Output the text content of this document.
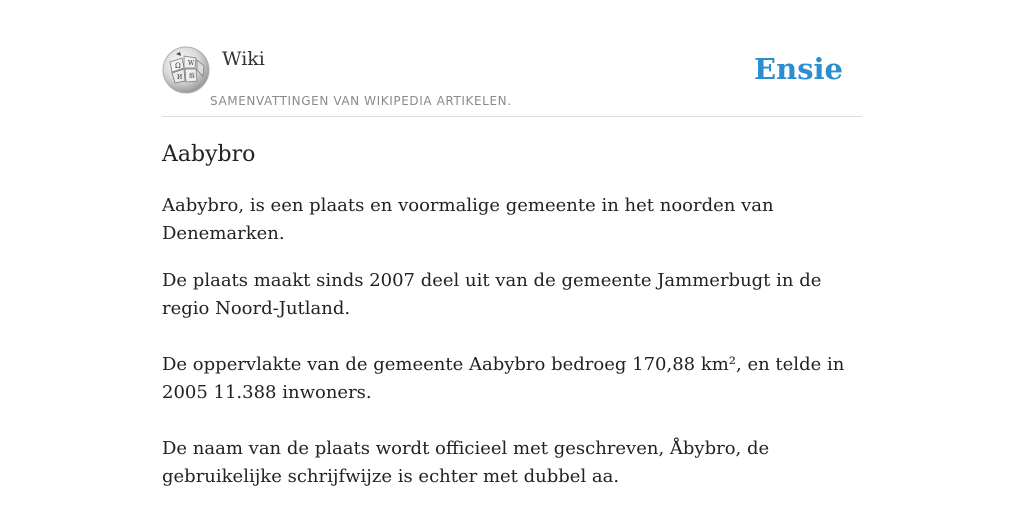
Ω W
И 維
Wiki
SAMENVATTINGEN VAN WIKIPEDIA ARTIKELEN.
Ensie
Aabybro

Aabybro, is een plaats en voormalige gemeente in het noorden van Denemarken.

De plaats maakt sinds 2007 deel uit van de gemeente Jammerbugt in de regio Noord-Jutland.

De oppervlakte van de gemeente Aabybro bedroeg 170,88 km², en telde in 2005 11.388 inwoners.

De naam van de plaats wordt officieel met geschreven, Åbybro, de gebruikelijke schrijfwijze is echter met dubbel aa.
